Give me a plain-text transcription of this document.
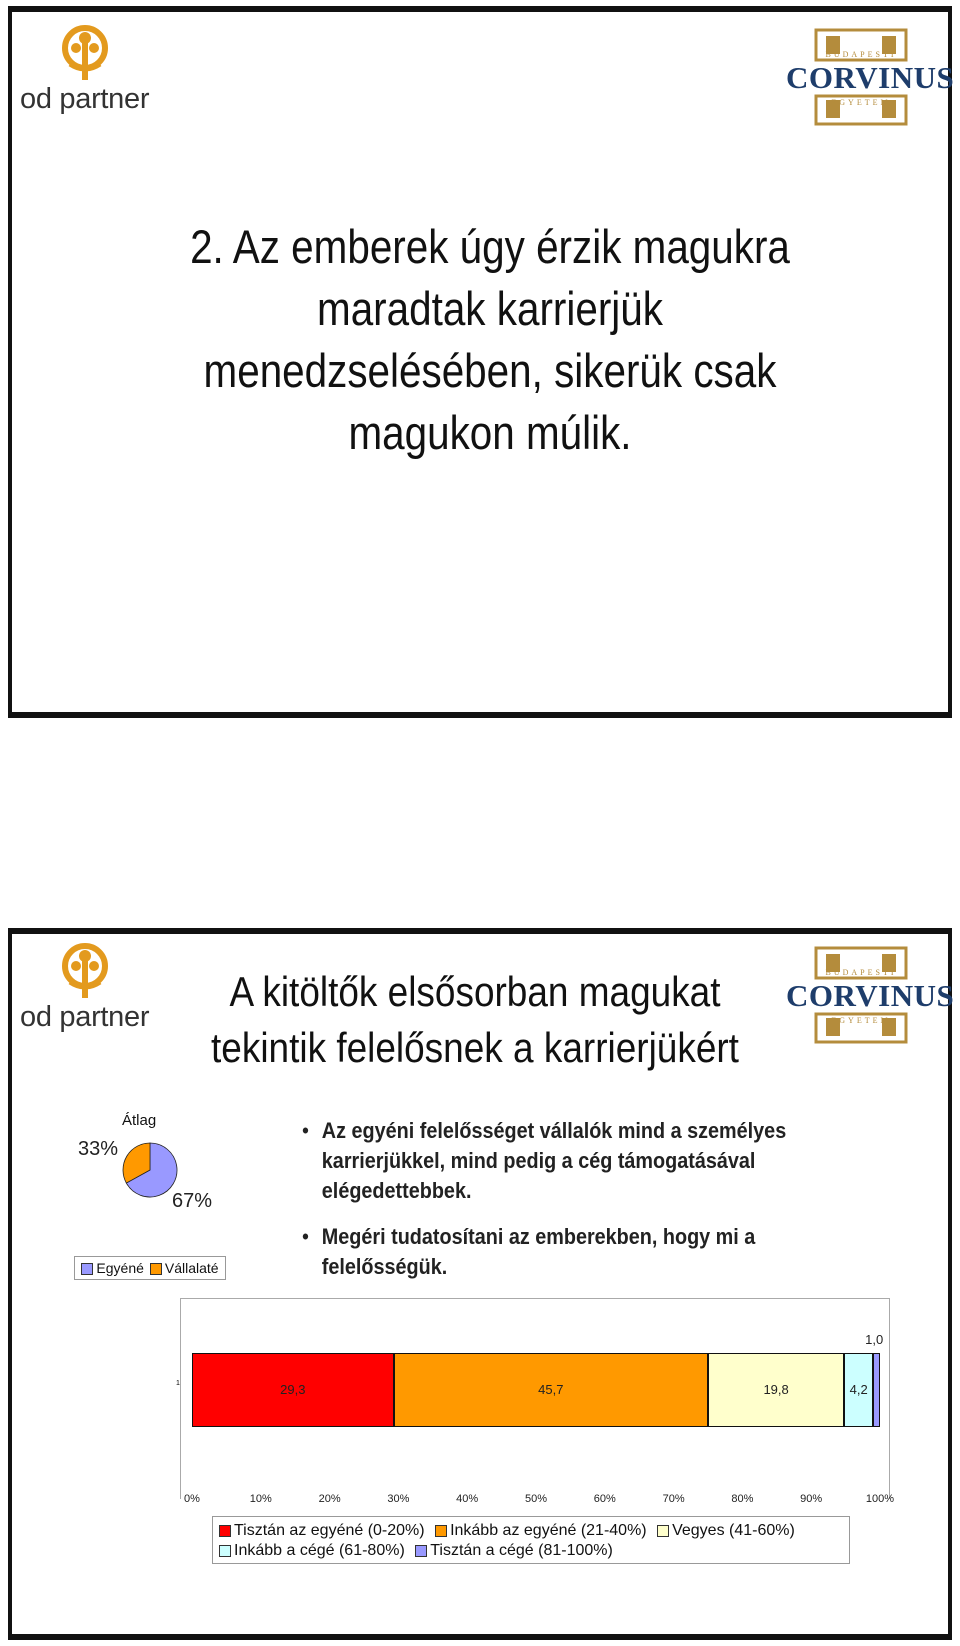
od partner
BUDAPESTI
CORVINUS
EGYETEM
2. Az emberek úgy érzik magukra
maradtak karrierjük
menedzselésében, sikerük csak
magukon múlik.
od partner
BUDAPESTI
CORVINUS
EGYETEM
A kitöltők elsősorban magukat
tekintik felelősnek a karrierjükért
Átlag
33%
67%
Egyéné	Vállalaté
• Az egyéni felelősséget vállalók mind a személyes karrierjükkel, mind pedig a cég támogatásával elégedettebbek.
• Megéri tudatosítani az emberekben, hogy mi a felelősségük.
29,3	45,7	19,8	4,2
1,0
0%	10%	20%	30%	40%	50%	60%	70%	80%	90%	100%
1
Tisztán az egyéné (0-20%) Inkább az egyéné (21-40%) Vegyes (41-60%)
Inkább a cégé (61-80%) Tisztán a cégé (81-100%)
